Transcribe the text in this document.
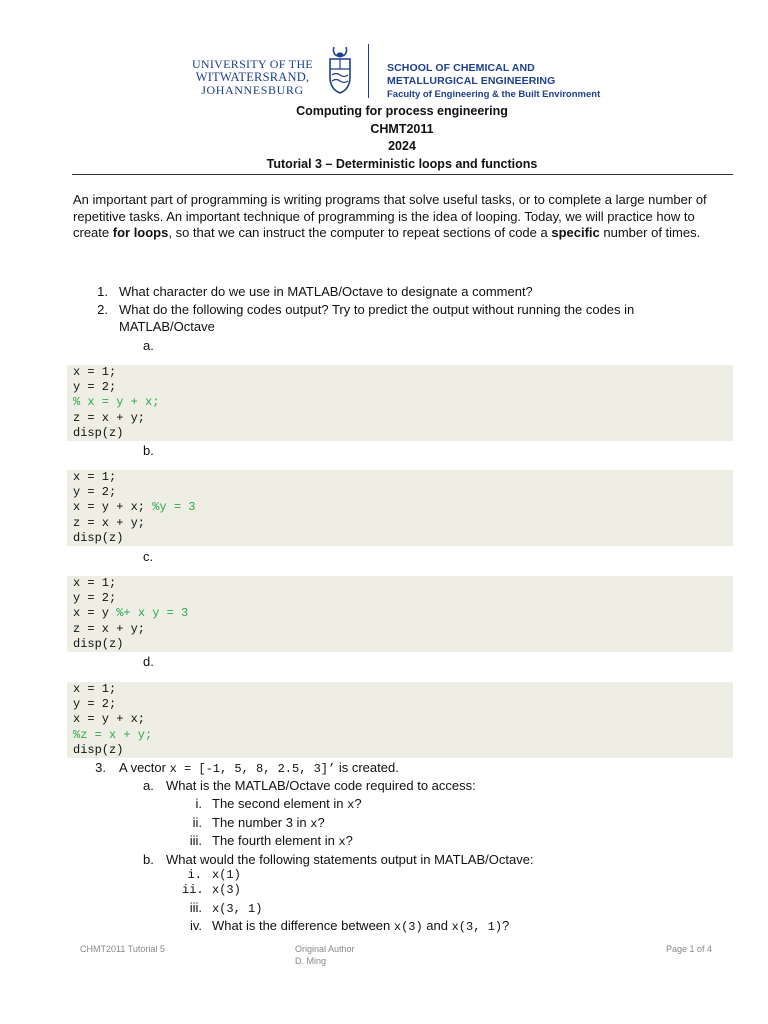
UNIVERSITY OF THE
WITWATERSRAND,
JOHANNESBURG
SCHOOL OF CHEMICAL AND
METALLURGICAL ENGINEERING
Faculty of Engineering & the Built Environment
Computing for process engineering
CHMT2011
2024
Tutorial 3 – Deterministic loops and functions
An important part of programming is writing programs that solve useful tasks, or to complete a large number of repetitive tasks. An important technique of programming is the idea of looping. Today, we will practice how to create for loops, so that we can instruct the computer to repeat sections of code a specific number of times.
1. What character do we use in MATLAB/Octave to designate a comment?
2. What do the following codes output? Try to predict the output without running the codes in
MATLAB/Octave
a.
x = 1;
y = 2;
% x = y + x;
z = x + y;
disp(z)
b.
x = 1;
y = 2;
x = y + x; %y = 3
z = x + y;
disp(z)
c.
x = 1;
y = 2;
x = y %+ x y = 3
z = x + y;
disp(z)
d.
x = 1;
y = 2;
x = y + x;
%z = x + y;
disp(z)
3. A vector x = [-1, 5, 8, 2.5, 3]’ is created.
a. What is the MATLAB/Octave code required to access:
i. The second element in x?
ii. The number 3 in x?
iii. The fourth element in x?
b. What would the following statements output in MATLAB/Octave:
i. x(1)
ii. x(3)
iii. x(3, 1)
iv. What is the difference between x(3) and x(3, 1)?
CHMT2011 Tutorial 5	Original Author
D. Ming
Page 1 of 4
